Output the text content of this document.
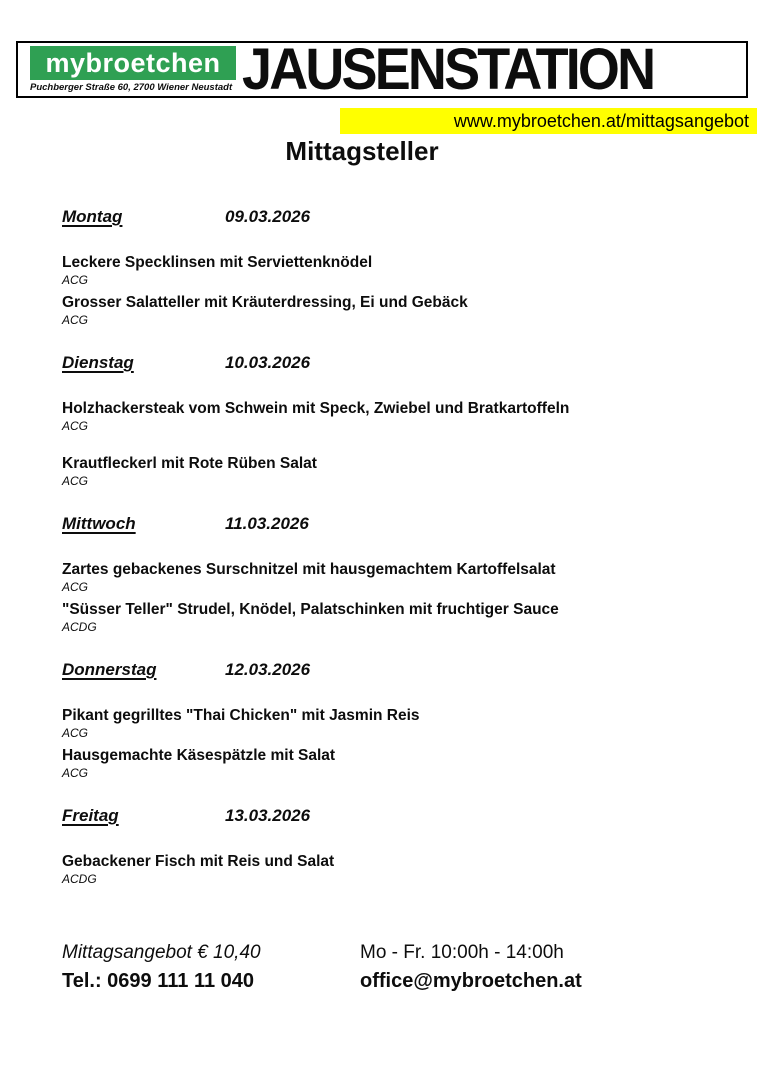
mybroetchen
Puchberger Straße 60, 2700 Wiener Neustadt JAUSENSTATION
www.mybroetchen.at/mittagsangebot
Mittagsteller
Montag	09.03.2026
Leckere Specklinsen mit Serviettenknödel
ACG
Grosser Salatteller mit Kräuterdressing, Ei und Gebäck
ACG
Dienstag	10.03.2026
Holzhackersteak vom Schwein mit Speck, Zwiebel und Bratkartoffeln
ACG
Krautfleckerl mit Rote Rüben Salat
ACG
Mittwoch	11.03.2026
Zartes gebackenes Surschnitzel mit hausgemachtem Kartoffelsalat
ACG
"Süsser Teller" Strudel, Knödel, Palatschinken mit fruchtiger Sauce
ACDG
Donnerstag	12.03.2026
Pikant gegrilltes "Thai Chicken" mit Jasmin Reis
ACG
Hausgemachte Käsespätzle mit Salat
ACG
Freitag	13.03.2026
Gebackener Fisch mit Reis und Salat
ACDG
Mittagsangebot € 10,40	Mo - Fr. 10:00h - 14:00h
Tel.: 0699 111 11 040	office@mybroetchen.at
